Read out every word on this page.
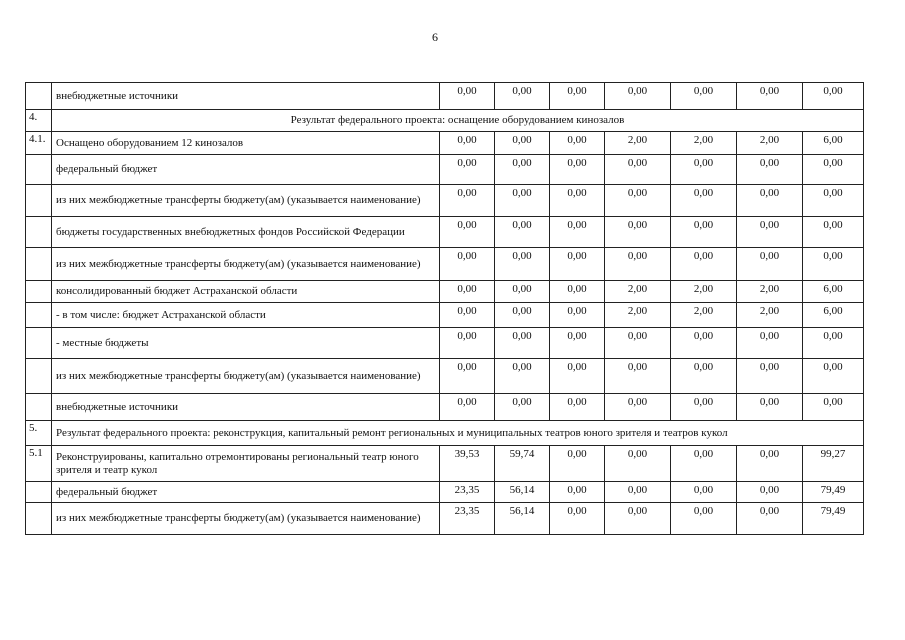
6
	внебюджетные источники	0,00	0,00	0,00	0,00	0,00	0,00	0,00
4.	Результат федерального проекта: оснащение оборудованием кинозалов							
4.1.	Оснащено оборудованием 12 кинозалов	0,00	0,00	0,00	2,00	2,00	2,00	6,00
	федеральный бюджет	0,00	0,00	0,00	0,00	0,00	0,00	0,00
	из них межбюджетные трансферты бюджету(ам) (указывается наименование)	0,00	0,00	0,00	0,00	0,00	0,00	0,00
	бюджеты государственных внебюджетных фондов Российской Федерации	0,00	0,00	0,00	0,00	0,00	0,00	0,00
	из них межбюджетные трансферты бюджету(ам) (указывается наименование)	0,00	0,00	0,00	0,00	0,00	0,00	0,00
	консолидированный бюджет Астраханской области	0,00	0,00	0,00	2,00	2,00	2,00	6,00
	- в том числе: бюджет Астраханской области	0,00	0,00	0,00	2,00	2,00	2,00	6,00
	- местные бюджеты	0,00	0,00	0,00	0,00	0,00	0,00	0,00
	из них межбюджетные трансферты бюджету(ам) (указывается наименование)	0,00	0,00	0,00	0,00	0,00	0,00	0,00
	внебюджетные источники	0,00	0,00	0,00	0,00	0,00	0,00	0,00
5.	Результат федерального проекта: реконструкция, капитальный ремонт региональных и муниципальных театров юного зрителя и театров кукол							
5.1	Реконструированы, капитально отремонтированы региональный театр юного зрителя и театр кукол	39,53	59,74	0,00	0,00	0,00	0,00	99,27
	федеральный бюджет	23,35	56,14	0,00	0,00	0,00	0,00	79,49
	из них межбюджетные трансферты бюджету(ам) (указывается наименование)	23,35	56,14	0,00	0,00	0,00	0,00	79,49
